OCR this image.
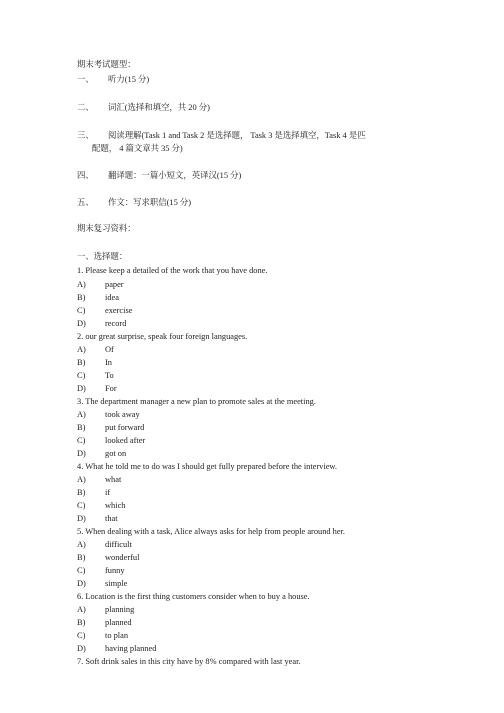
期末考试题型：
一、 听力(15 分)
二、 词汇(选择和填空，共 20 分)
三、 阅读理解(Task 1 and Task 2 是选择题， Task 3 是选择填空，Task 4 是匹
配题， 4 篇文章共 35 分)
四、 翻译题：一篇小短文，英译汉(15 分)
五、 作文：写求职信(15 分)
期末复习资料：
一、选择题：
1. Please keep a detailed of the work that you have done.
A) paper
B) idea
C) exercise
D) record
2. our great surprise, speak four foreign languages.
A) Of
B) In
C) To
D) For
3. The department manager a new plan to promote sales at the meeting.
A) took away
B) put forward
C) looked after
D) got on
4. What he told me to do was I should get fully prepared before the interview.
A) what
B) if
C) which
D) that
5. When dealing with a task, Alice always asks for help from people around her.
A) difficult
B) wonderful
C) funny
D) simple
6. Location is the first thing customers consider when to buy a house.
A) planning
B) planned
C) to plan
D) having planned
7. Soft drink sales in this city have by 8% compared with last year.
